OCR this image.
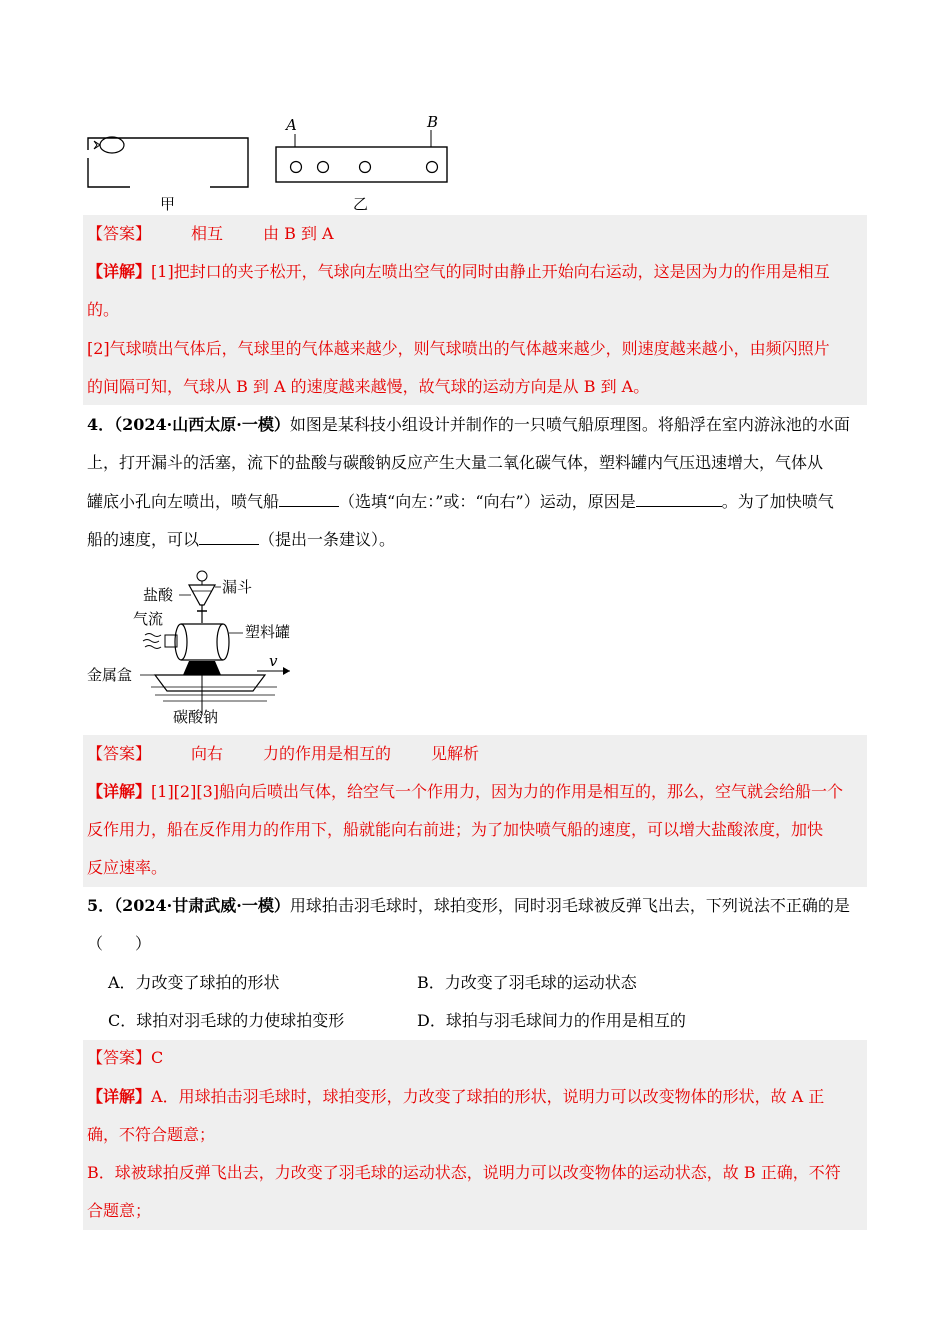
A	B
甲	乙
【答案】	相互	由 B 到 A
【详解】[1]把封口的夹子松开，气球向左喷出空气的同时由静止开始向右运动，这是因为力的作用是相互
的。
[2]气球喷出气体后，气球里的气体越来越少，则气球喷出的气体越来越少，则速度越来越小，由频闪照片
的间隔可知，气球从 B 到 A 的速度越来越慢，故气球的运动方向是从 B 到 A。
4．（2024·山西太原·一模）如图是某科技小组设计并制作的一只喷气船原理图。将船浮在室内游泳池的水面
上，打开漏斗的活塞，流下的盐酸与碳酸钠反应产生大量二氧化碳气体，塑料罐内气压迅速增大，气体从
罐底小孔向左喷出，喷气船	（选填“向左：”或：“向右”）运动，原因是	。为了加快喷气
船的速度，可以	（提出一条建议）。
盐酸	漏斗
气流
塑料罐
金属盒
v
碳酸钠
【答案】	向右	力的作用是相互的	见解析
【详解】[1][2][3]船向后喷出气体，给空气一个作用力，因为力的作用是相互的，那么，空气就会给船一个
反作用力，船在反作用力的作用下，船就能向右前进；为了加快喷气船的速度，可以增大盐酸浓度，加快
反应速率。
5．（2024·甘肃武威·一模）用球拍击羽毛球时，球拍变形，同时羽毛球被反弹飞出去，下列说法不正确的是
（　　）
A．力改变了球拍的形状	B．力改变了羽毛球的运动状态
C．球拍对羽毛球的力使球拍变形	D．球拍与羽毛球间力的作用是相互的
【答案】C
【详解】A．用球拍击羽毛球时，球拍变形，力改变了球拍的形状，说明力可以改变物体的形状，故 A 正
确，不符合题意；
B．球被球拍反弹飞出去，力改变了羽毛球的运动状态，说明力可以改变物体的运动状态，故 B 正确，不符
合题意；
